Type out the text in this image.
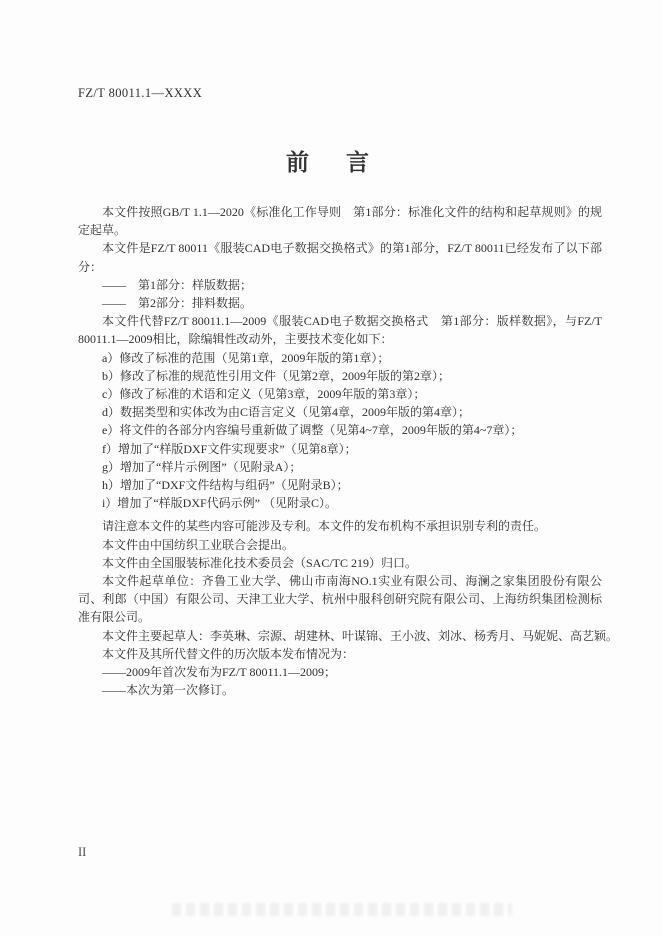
FZ/T 80011.1—XXXX
前　言

本文件按照GB/T 1.1—2020《标准化工作导则　第1部分：标准化文件的结构和起草规则》的规定起草。

本文件是FZ/T 80011《服装CAD电子数据交换格式》的第1部分，FZ/T 80011已经发布了以下部分：

——　第1部分：样版数据；

——　第2部分：排料数据。

本文件代替FZ/T 80011.1—2009《服装CAD电子数据交换格式　第1部分：版样数据》，与FZ/T 80011.1—2009相比，除编辑性改动外，主要技术变化如下：

a）修改了标准的范围（见第1章，2009年版的第1章）；

b）修改了标准的规范性引用文件（见第2章，2009年版的第2章）；

c）修改了标准的术语和定义（见第3章，2009年版的第3章）；

d）数据类型和实体改为由C语言定义（见第4章，2009年版的第4章）；

e）将文件的各部分内容编号重新做了调整（见第4~7章，2009年版的第4~7章）；

f）增加了“样版DXF文件实现要求”（见第8章）；

g）增加了“样片示例图”（见附录A）；

h）增加了“DXF文件结构与组码”（见附录B）；

i）增加了“样版DXF代码示例” （见附录C）。

请注意本文件的某些内容可能涉及专利。本文件的发布机构不承担识别专利的责任。

本文件由中国纺织工业联合会提出。

本文件由全国服装标准化技术委员会（SAC/TC 219）归口。

本文件起草单位：齐鲁工业大学、佛山市南海NO.1实业有限公司、海澜之家集团股份有限公司、利郎（中国）有限公司、天津工业大学、杭州中服科创研究院有限公司、上海纺织集团检测标准有限公司。

本文件主要起草人：李英琳、宗源、胡建林、叶谋锦、王小波、刘冰、杨秀月、马妮妮、高艺颖。

本文件及其所代替文件的历次版本发布情况为：

——2009年首次发布为FZ/T 80011.1—2009；

——本次为第一次修订。

II
